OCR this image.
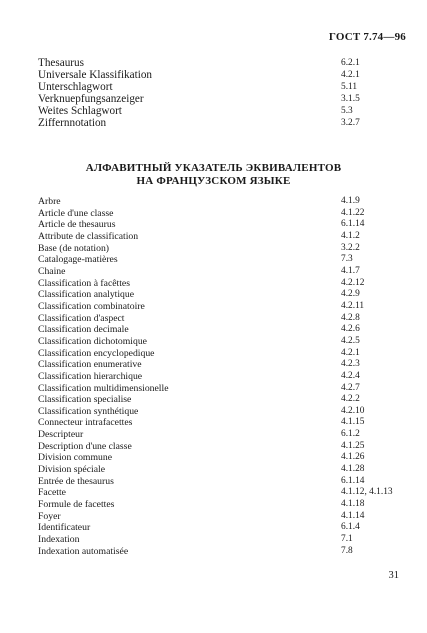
ГОСТ 7.74—96
Thesaurus	6.2.1
Universale Klassifikation	4.2.1
Unterschlagwort	5.11
Verknuepfungsanzeiger	3.1.5
Weites Schlagwort	5.3
Ziffernnotation	3.2.7
АЛФАВИТНЫЙ УКАЗАТЕЛЬ ЭКВИВАЛЕНТОВ
НА ФРАНЦУЗСКОМ ЯЗЫКЕ
Arbre	4.1.9
Article d'une classe	4.1.22
Article de thesaurus	6.1.14
Attribute de classification	4.1.2
Base (de notation)	3.2.2
Catalogage-matières	7.3
Chaine	4.1.7
Classification à facêttes	4.2.12
Classification analytique	4.2.9
Classification combinatoire	4.2.11
Classification d'aspect	4.2.8
Classification decimale	4.2.6
Classification dichotomique	4.2.5
Classification encyclopedique	4.2.1
Classification enumerative	4.2.3
Classification hierarchique	4.2.4
Classification multidimensionelle	4.2.7
Classification specialise	4.2.2
Classification synthétique	4.2.10
Connecteur intrafacettes	4.1.15
Descripteur	6.1.2
Description d'une classe	4.1.25
Division commune	4.1.26
Division spéciale	4.1.28
Entrée de thesaurus	6.1.14
Facette	4.1.12, 4.1.13
Formule de facettes	4.1.18
Foyer	4.1.14
Identificateur	6.1.4
Indexation	7.1
Indexation automatisée	7.8
31
